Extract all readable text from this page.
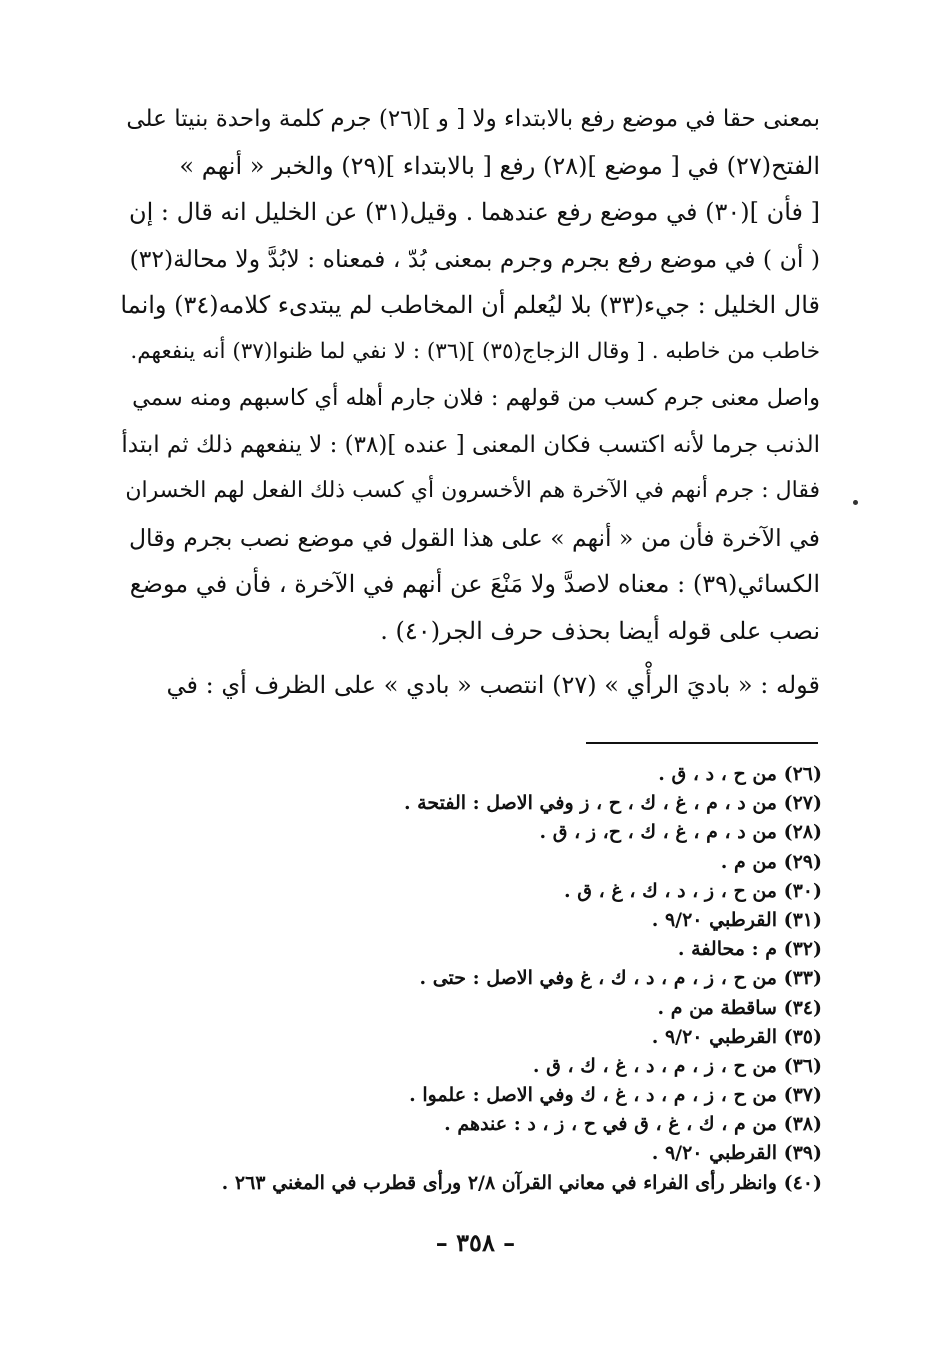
بمعنى حقا في موضع رفع بالابتداء ولا [ و ](٢٦) جرم كلمة واحدة بنيتا على
الفتح(٢٧) في [ موضع ](٢٨) رفع [ بالابتداء ](٢٩) والخبر « أنهم »
[ فأن ](٣٠) في موضع رفع عندهما . وقيل(٣١) عن الخليل انه قال : إن
( أن ) في موضع رفع بجرم وجرم بمعنى بُدّ ، فمعناه : لابُدَّ ولا محالة(٣٢)
قال الخليل : جيء(٣٣) بلا ليُعلم أن المخاطب لم يبتدىء كلامه(٣٤) وانما
خاطب من خاطبه . [ وقال الزجاج(٣٥) ](٣٦) : لا نفي لما ظنوا(٣٧) أنه ينفعهم.
واصل معنى جرم كسب من قولهم : فلان جارم أهله أي كاسبهم ومنه سمي
الذنب جرما لأنه اكتسب فكان المعنى [ عنده ](٣٨) : لا ينفعهم ذلك ثم ابتدأ
فقال : جرم أنهم في الآخرة هم الأخسرون أي كسب ذلك الفعل لهم الخسران
في الآخرة فأن من « أنهم » على هذا القول في موضع نصب بجرم وقال
الكسائي(٣٩) : معناه لاصدَّ ولا مَنْعَ عن أنهم في الآخرة ، فأن في موضع
نصب على قوله أيضا بحذف حرف الجر(٤٠) .
قوله : « باديَ الرأْي » (٢٧) انتصب « بادي » على الظرف أي : في
(٢٦) من ح ، د ، ق .
(٢٧) من د ، م ، غ ، ك ، ح ، ز وفي الاصل : الفتحة .
(٢٨) من د ، م ، غ ، ك ، ح، ز ، ق .
(٢٩) من م .
(٣٠) من ح ، ز ، د ، ك ، غ ، ق .
(٣١) القرطبي ٩/٢٠ .
(٣٢) م : محالفة .
(٣٣) من ح ، ز ، م ، د ، ك ، غ وفي الاصل : حتى .
(٣٤) ساقطة من م .
(٣٥) القرطبي ٩/٢٠ .
(٣٦) من ح ، ز ، م ، د ، غ ، ك ، ق .
(٣٧) من ح ، ز ، م ، د ، غ ، ك وفي الاصل : علموا .
(٣٨) من م ، ك ، غ ، ق في ح ، ز ، د : عندهم .
(٣٩) القرطبي ٩/٢٠ .
(٤٠) وانظر رأى الفراء في معاني القرآن ٢/٨ ورأى قطرب في المغني ٢٦٣ .
– ٣٥٨ –
